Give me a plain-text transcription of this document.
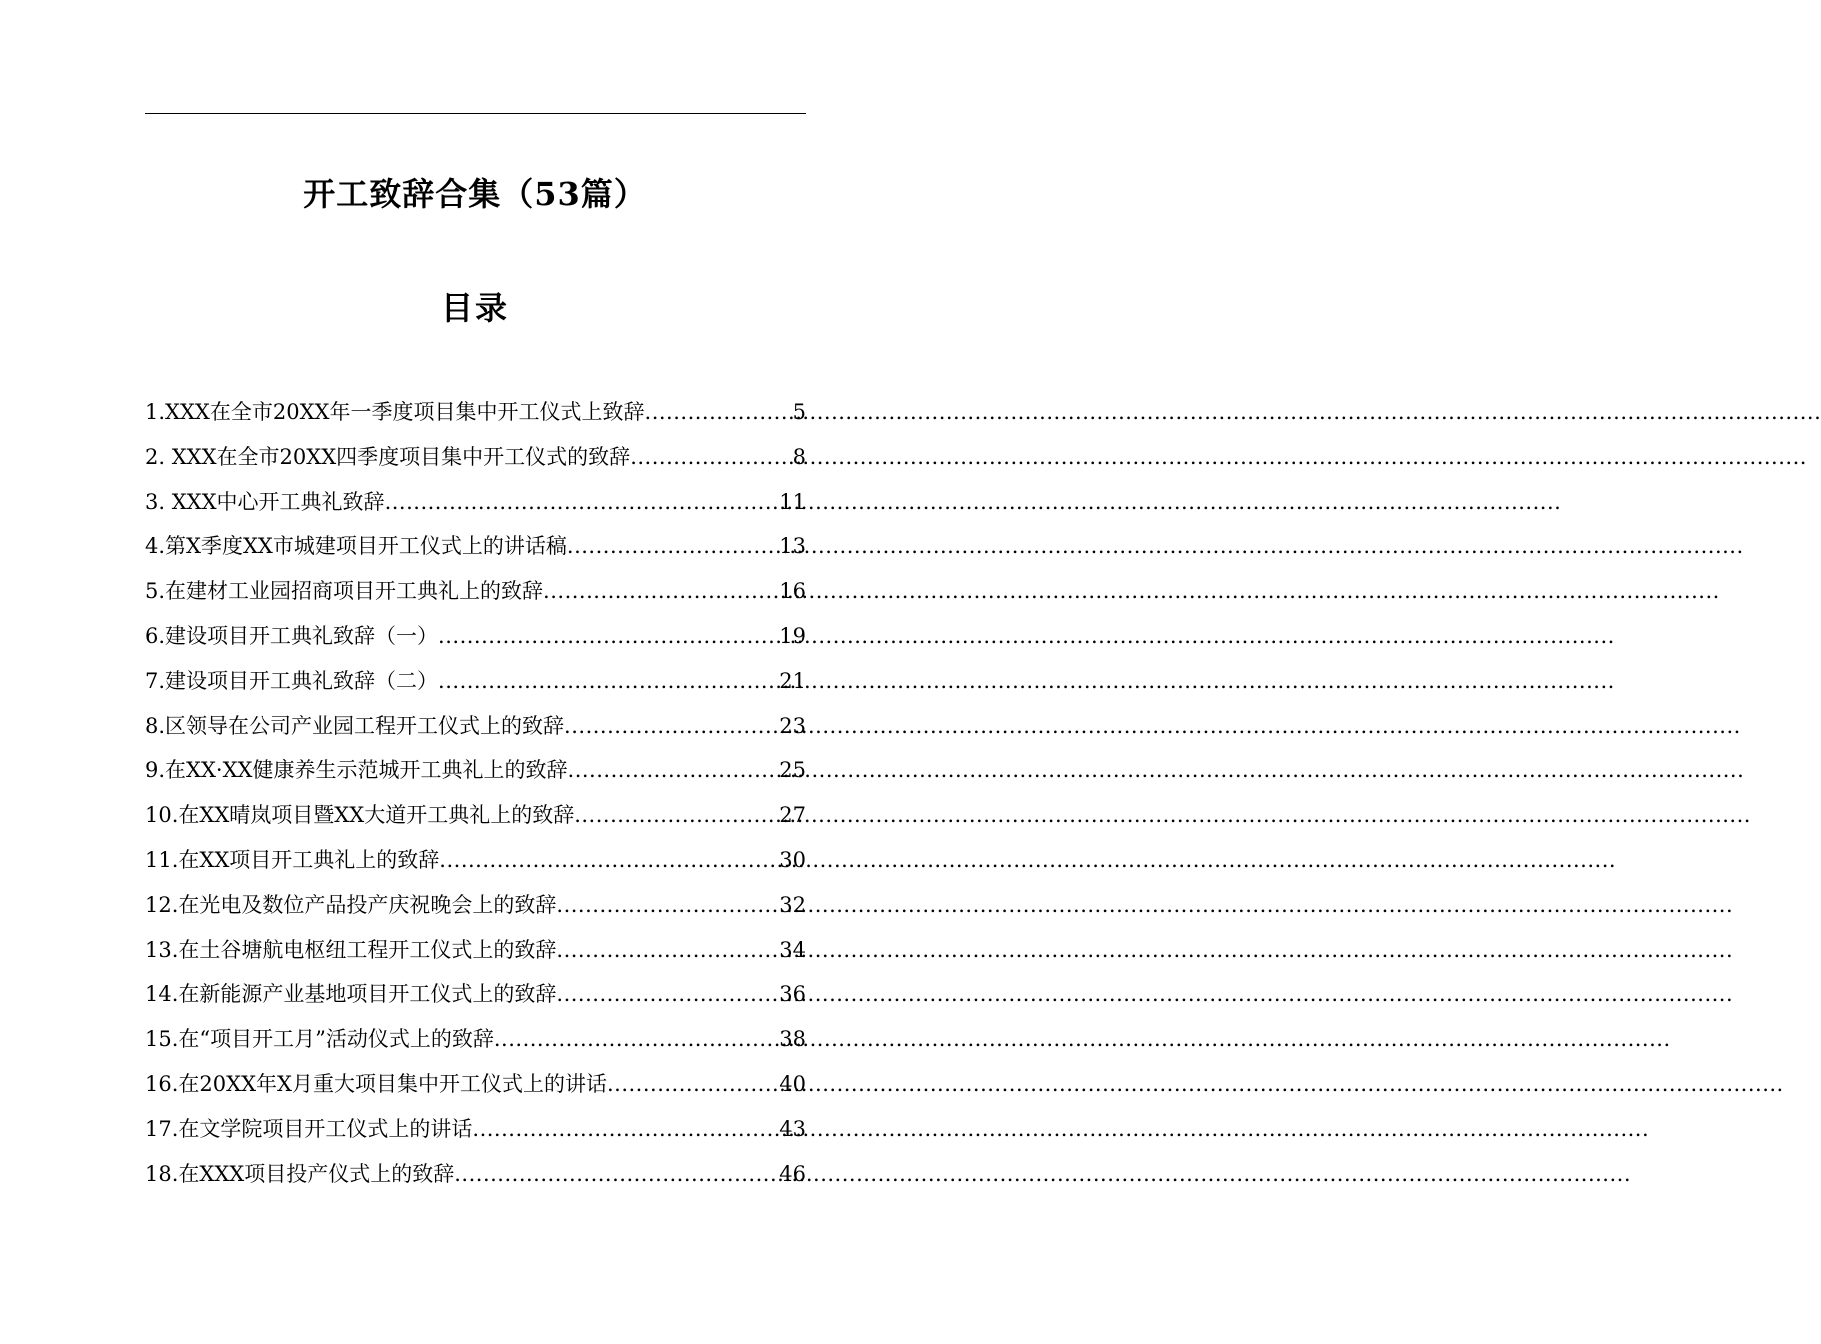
开工致辞合集（53篇）
目录
1.XXX在全市20XX年一季度项目集中开工仪式上致辞 .....	5
2. XXX在全市20XX四季度项目集中开工仪式的致辞 .....	8
3. XXX中心开工典礼致辞 .....	11
4.第X季度XX市城建项目开工仪式上的讲话稿 .....	13
5.在建材工业园招商项目开工典礼上的致辞 .....	16
6.建设项目开工典礼致辞（一） .....	19
7.建设项目开工典礼致辞（二） .....	21
8.区领导在公司产业园工程开工仪式上的致辞 .....	23
9.在XX·XX健康养生示范城开工典礼上的致辞 .....	25
10.在XX晴岚项目暨XX大道开工典礼上的致辞 .....	27
11.在XX项目开工典礼上的致辞 .....	30
12.在光电及数位产品投产庆祝晚会上的致辞 .....	32
13.在土谷塘航电枢纽工程开工仪式上的致辞 .....	34
14.在新能源产业基地项目开工仪式上的致辞 .....	36
15.在“项目开工月”活动仪式上的致辞 .....	38
16.在20XX年X月重大项目集中开工仪式上的讲话 .....	40
17.在文学院项目开工仪式上的讲话 .....	43
18.在XXX项目投产仪式上的致辞 .....	46
